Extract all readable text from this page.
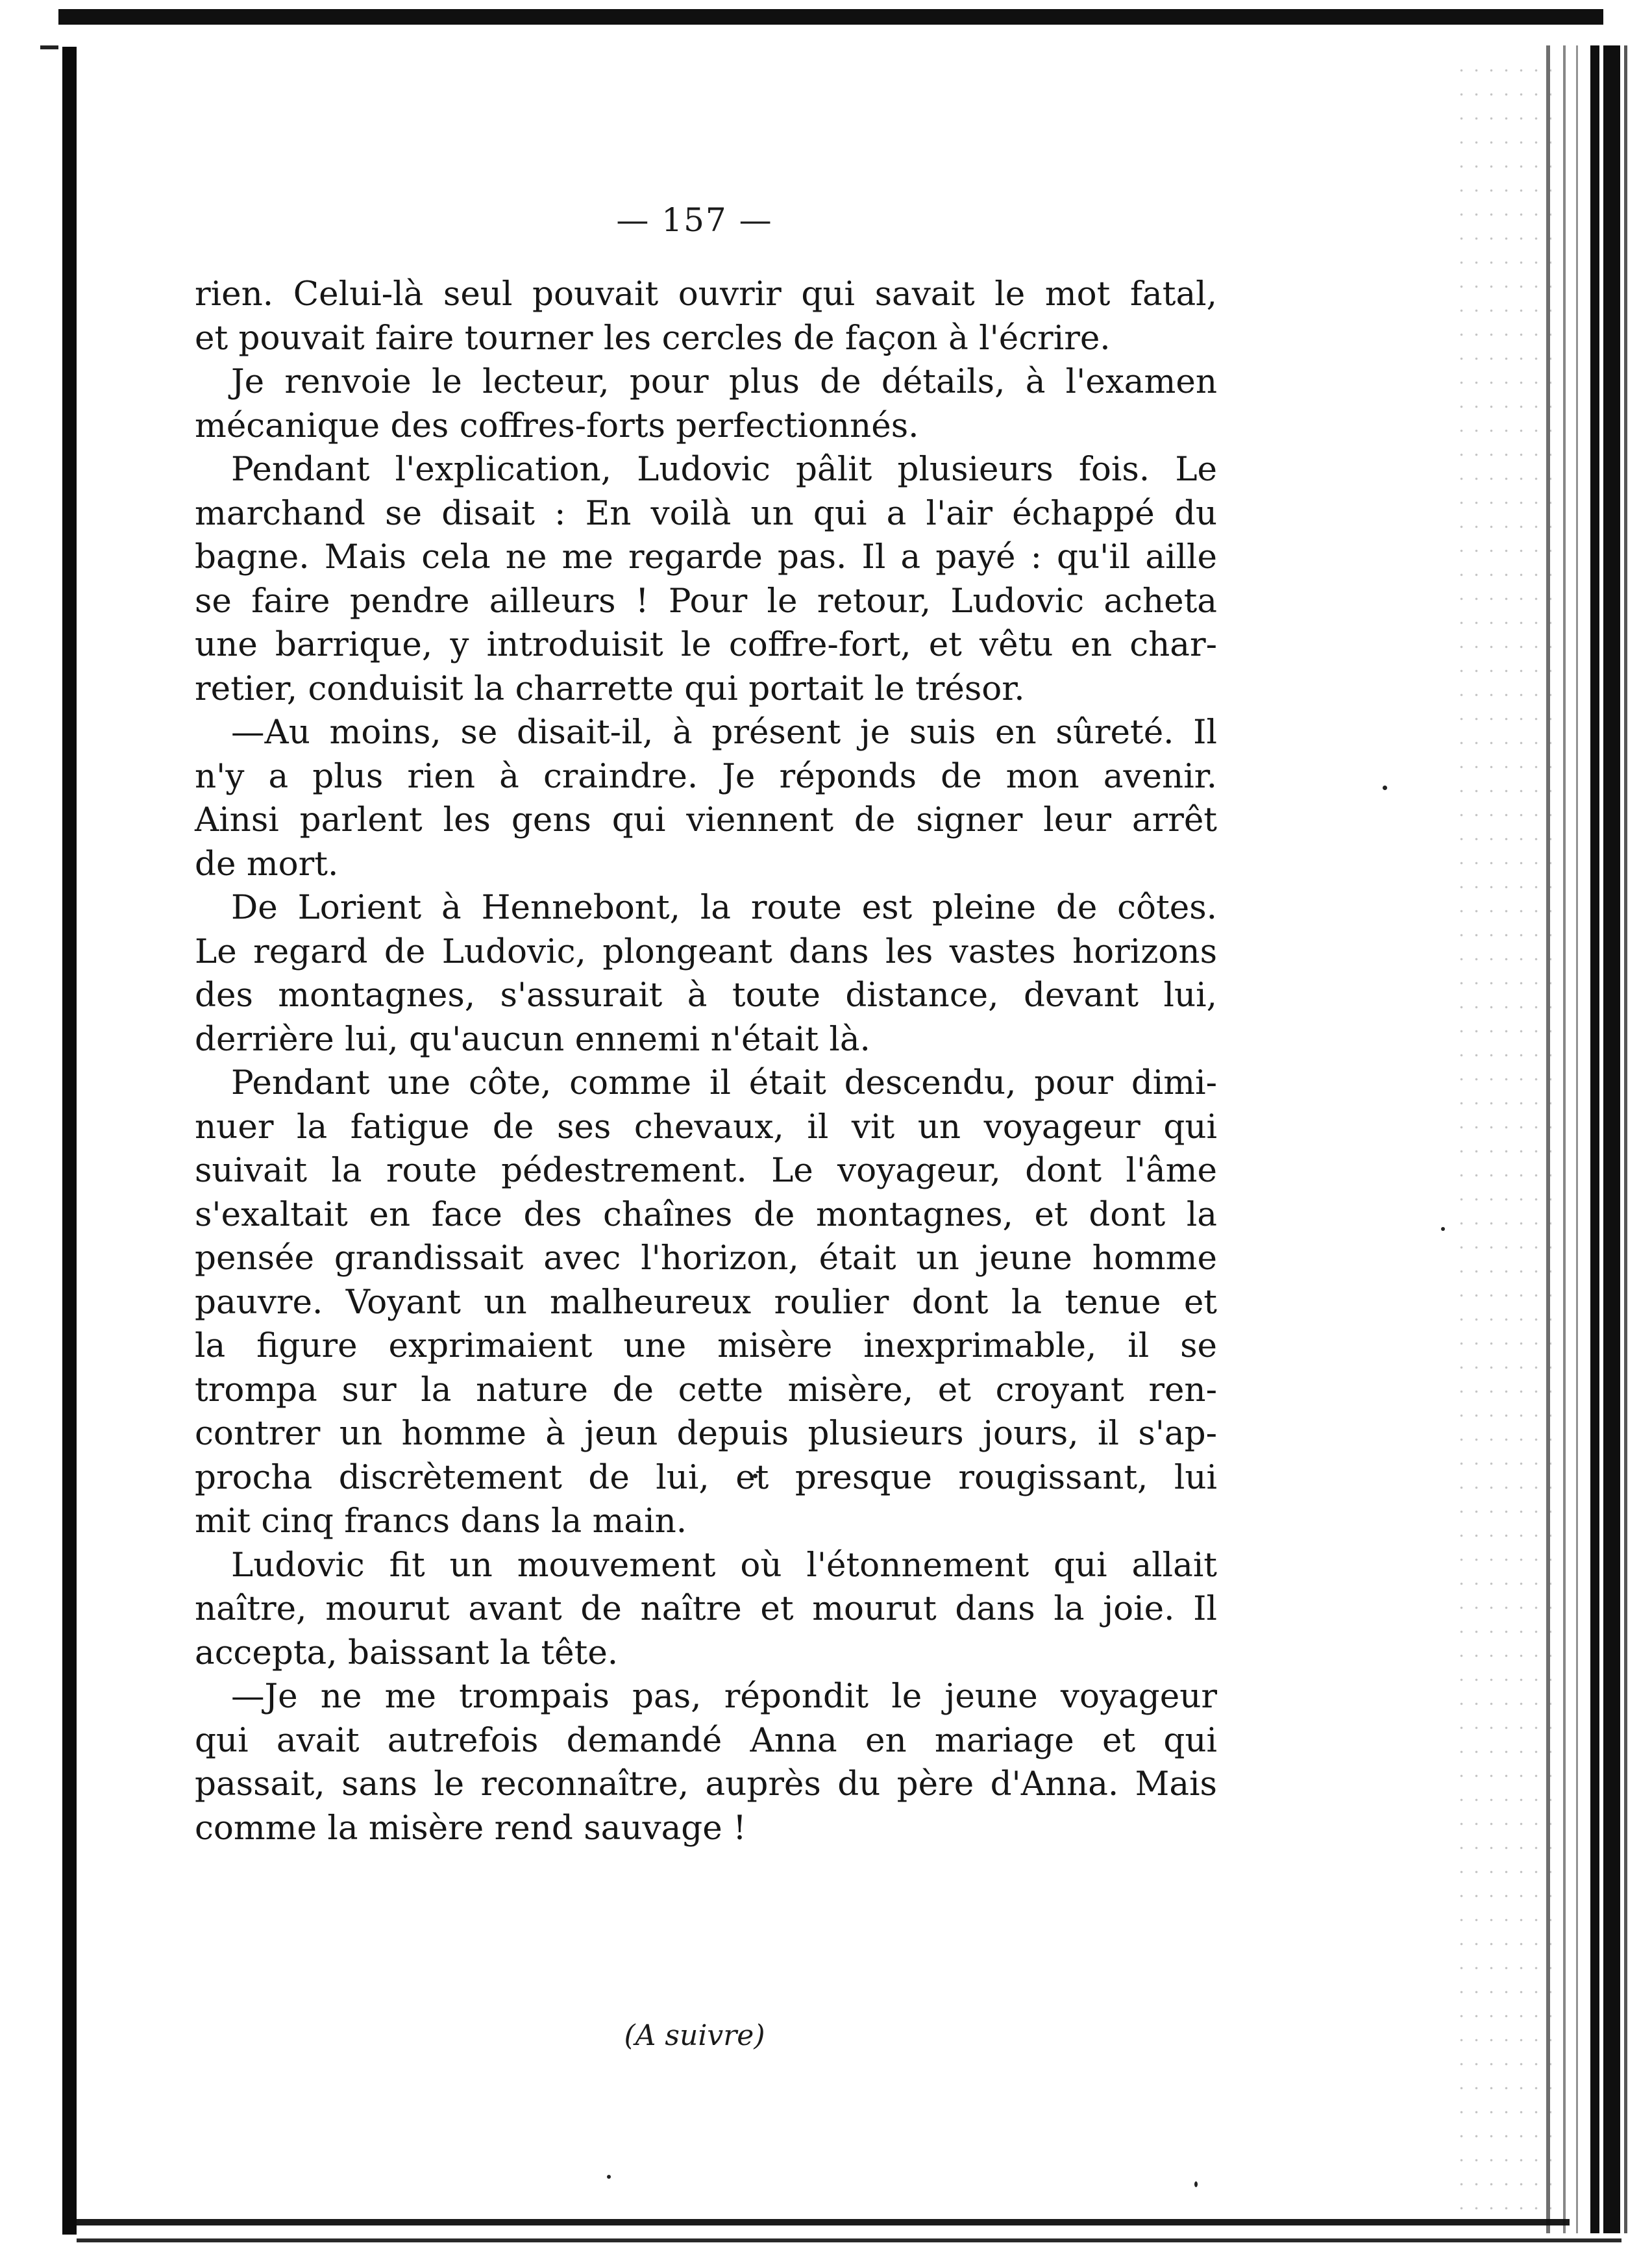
— 157 —
rien. Celui-là seul pouvait ouvrir qui savait le mot fatal,
et pouvait faire tourner les cercles de façon à l'écrire.
Je renvoie le lecteur, pour plus de détails, à l'examen
mécanique des coffres-forts perfectionnés.
Pendant l'explication, Ludovic pâlit plusieurs fois. Le
marchand se disait : En voilà un qui a l'air échappé du
bagne. Mais cela ne me regarde pas. Il a payé : qu'il aille
se faire pendre ailleurs ! Pour le retour, Ludovic acheta
une barrique, y introduisit le coffre-fort, et vêtu en char-
retier, conduisit la charrette qui portait le trésor.
—Au moins, se disait-il, à présent je suis en sûreté. Il
n'y a plus rien à craindre. Je réponds de mon avenir.
Ainsi parlent les gens qui viennent de signer leur arrêt
de mort.
De Lorient à Hennebont, la route est pleine de côtes.
Le regard de Ludovic, plongeant dans les vastes horizons
des montagnes, s'assurait à toute distance, devant lui,
derrière lui, qu'aucun ennemi n'était là.
Pendant une côte, comme il était descendu, pour dimi-
nuer la fatigue de ses chevaux, il vit un voyageur qui
suivait la route pédestrement. Le voyageur, dont l'âme
s'exaltait en face des chaînes de montagnes, et dont la
pensée grandissait avec l'horizon, était un jeune homme
pauvre. Voyant un malheureux roulier dont la tenue et
la figure exprimaient une misère inexprimable, il se
trompa sur la nature de cette misère, et croyant ren-
contrer un homme à jeun depuis plusieurs jours, il s'ap-
procha discrètement de lui, et presque rougissant, lui
mit cinq francs dans la main.
Ludovic fit un mouvement où l'étonnement qui allait
naître, mourut avant de naître et mourut dans la joie. Il
accepta, baissant la tête.
—Je ne me trompais pas, répondit le jeune voyageur
qui avait autrefois demandé Anna en mariage et qui
passait, sans le reconnaître, auprès du père d'Anna. Mais
comme la misère rend sauvage !
(A suivre)
